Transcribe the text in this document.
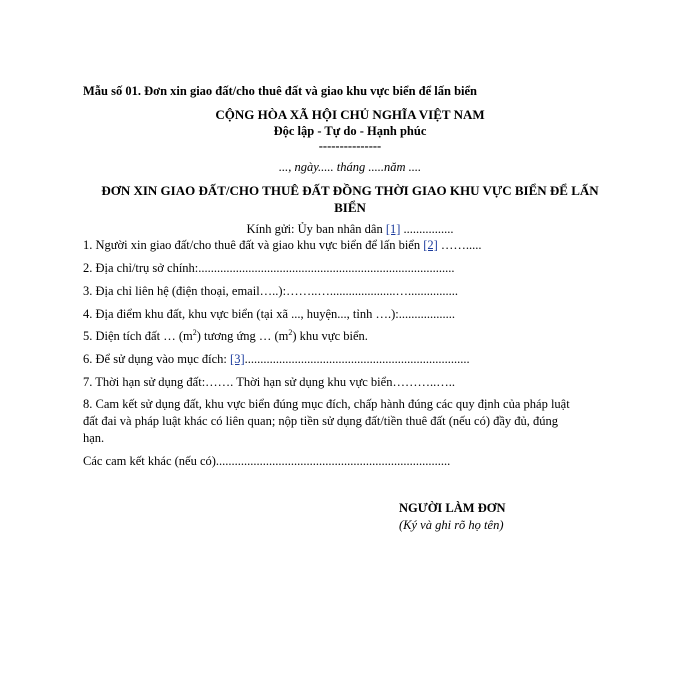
Mẫu số 01. Đơn xin giao đất/cho thuê đất và giao khu vực biển để lấn biển
CỘNG HÒA XÃ HỘI CHỦ NGHĨA VIỆT NAM
Độc lập - Tự do - Hạnh phúc
---------------
..., ngày..... tháng .....năm ....
ĐƠN XIN GIAO ĐẤT/CHO THUÊ ĐẤT ĐỒNG THỜI GIAO KHU VỰC BIỂN ĐỂ LẤN
BIỂN
Kính gửi: Ủy ban nhân dân [1] ................
1. Người xin giao đất/cho thuê đất và giao khu vực biển để lấn biển [2] …….....
2. Địa chỉ/trụ sở chính:..................................................................................
3. Địa chỉ liên hệ (điện thoại, email…..):……..….....................…................
4. Địa điểm khu đất, khu vực biển (tại xã ..., huyện..., tỉnh ….):..................
5. Diện tích đất … $(m^2)$ tương ứng … $(m^2)$ khu vực biển.
6. Để sử dụng vào mục đích: [3]........................................................................
7. Thời hạn sử dụng đất:……. Thời hạn sử dụng khu vực biển………..…..
8. Cam kết sử dụng đất, khu vực biển đúng mục đích, chấp hành đúng các quy định của pháp luật
đất đai và pháp luật khác có liên quan; nộp tiền sử dụng đất/tiền thuê đất (nếu có) đầy đủ, đúng
hạn.
Các cam kết khác (nếu có)...........................................................................
NGƯỜI LÀM ĐƠN
(Ký và ghi rõ họ tên)
